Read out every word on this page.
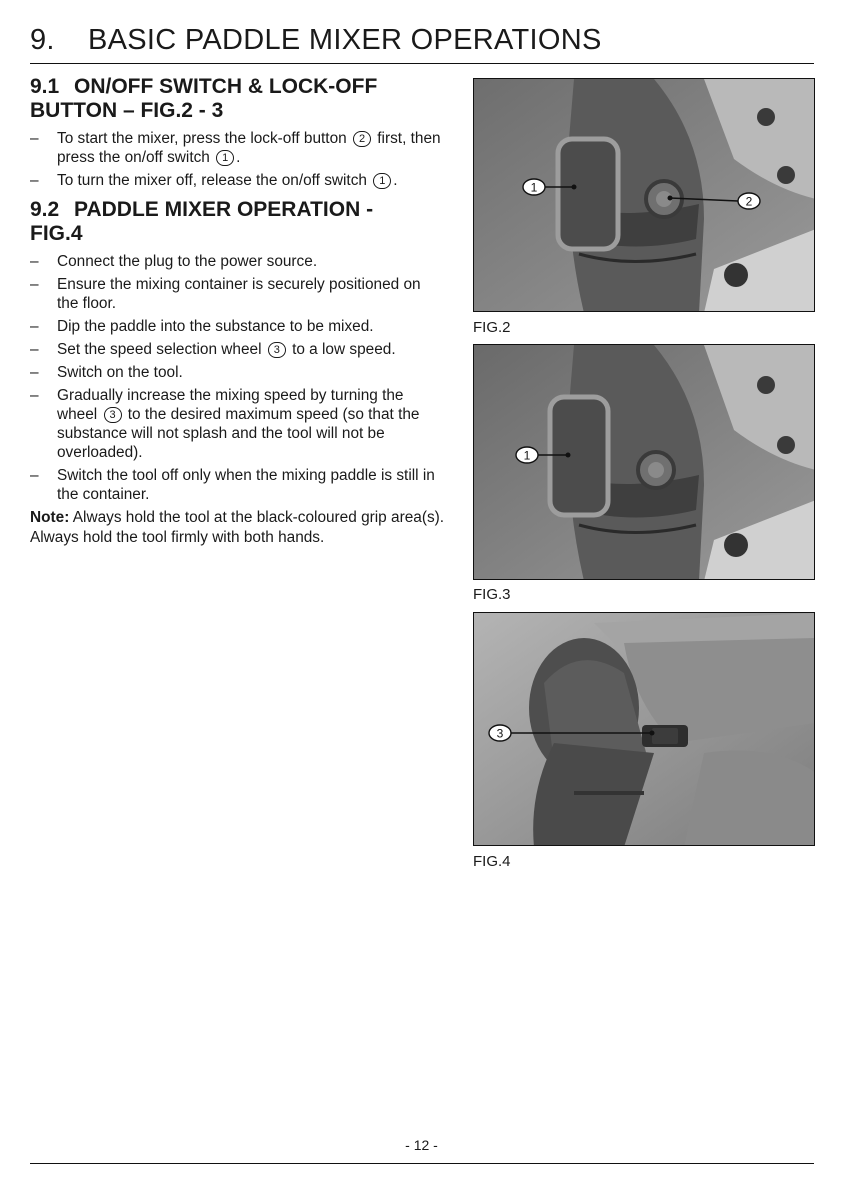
9. BASIC PADDLE MIXER OPERATIONS
9.1 ON/OFF SWITCH & LOCK-OFF
BUTTON – FIG.2 - 3
– To start the mixer, press the lock-off button 2 first, then press the on/off switch 1 .
– To turn the mixer off, release the on/off switch 1 .
9.2 PADDLE MIXER OPERATION -
FIG.4
– Connect the plug to the power source.
– Ensure the mixing container is securely positioned on the floor.
– Dip the paddle into the substance to be mixed.
– Set the speed selection wheel 3 to a low speed.
– Switch on the tool.
– Gradually increase the mixing speed by turning the wheel 3 to the desired maximum speed (so that the substance will not splash and the tool will not be overloaded).
– Switch the tool off only when the mixing paddle is still in the container.

Note: Always hold the tool at the black-coloured grip area(s). Always hold the tool firmly with both hands.

1
2
FIG.2
1
FIG.3
3
FIG.4
- 12 -
